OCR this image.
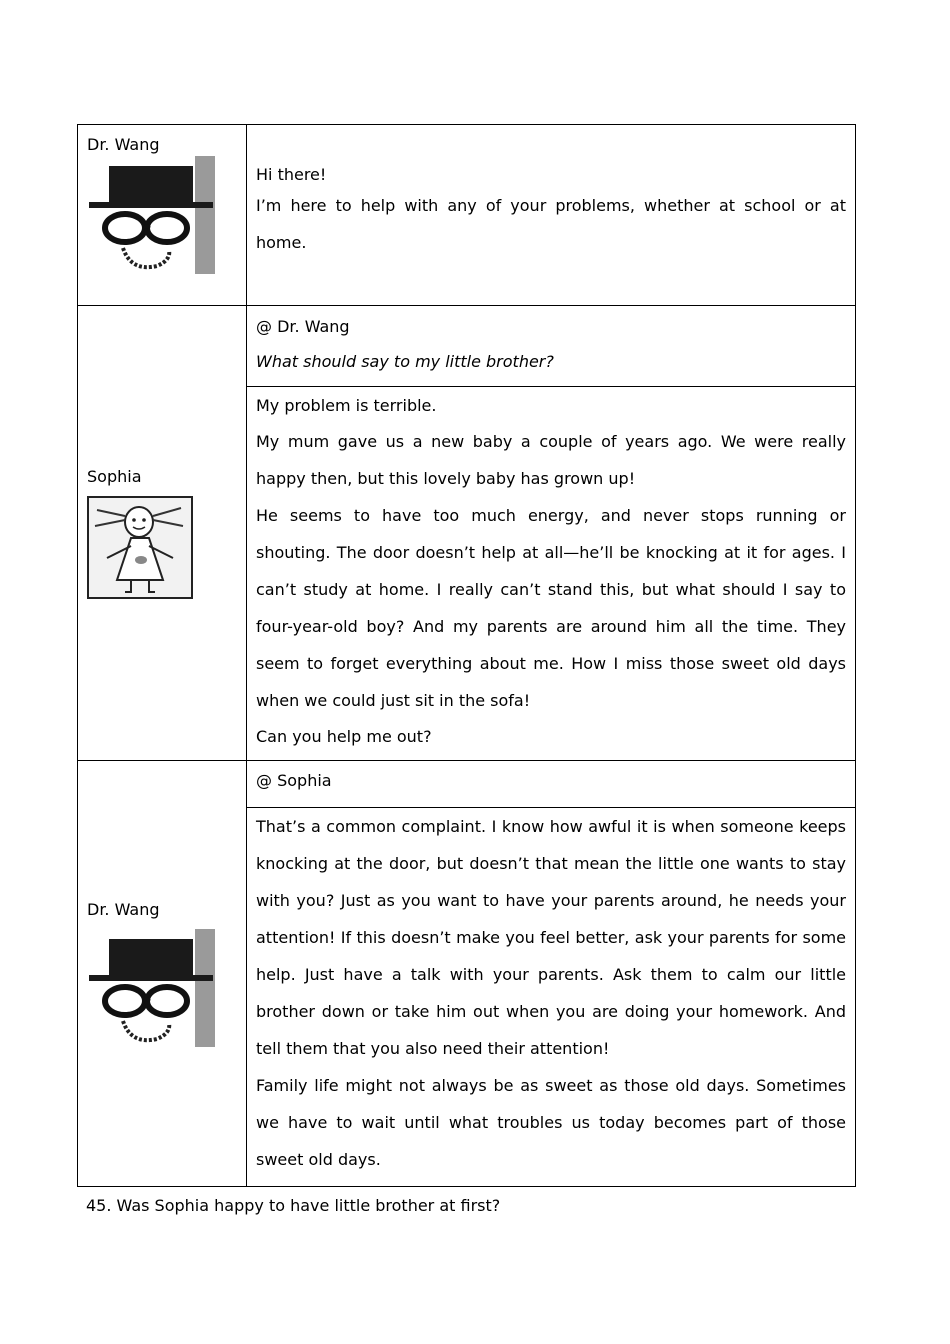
Dr. Wang	Hi there!

I’m here to help with any of your problems, whether at school or at home.

Sophia	@ Dr. Wang

What should say to my little brother?

	My problem is terrible.

My mum gave us a new baby a couple of years ago. We were really happy then, but this lovely baby has grown up!

He seems to have too much energy, and never stops running or shouting. The door doesn’t help at all—he’ll be knocking at it for ages. I can’t study at home. I really can’t stand this, but what should I say to four-year-old boy? And my parents are around him all the time. They seem to forget everything about me. How I miss those sweet old days when we could just sit in the sofa!

Can you help me out?

Dr. Wang	@ Sophia

	That’s a common complaint. I know how awful it is when someone keeps knocking at the door, but doesn’t that mean the little one wants to stay with you? Just as you want to have your parents around, he needs your attention! If this doesn’t make you feel better, ask your parents for some help. Just have a talk with your parents. Ask them to calm our little brother down or take him out when you are doing your homework. And tell them that you also need their attention!

Family life might not always be as sweet as those old days. Sometimes we have to wait until what troubles us today becomes part of those sweet old days.

45. Was Sophia happy to have little brother at first?
